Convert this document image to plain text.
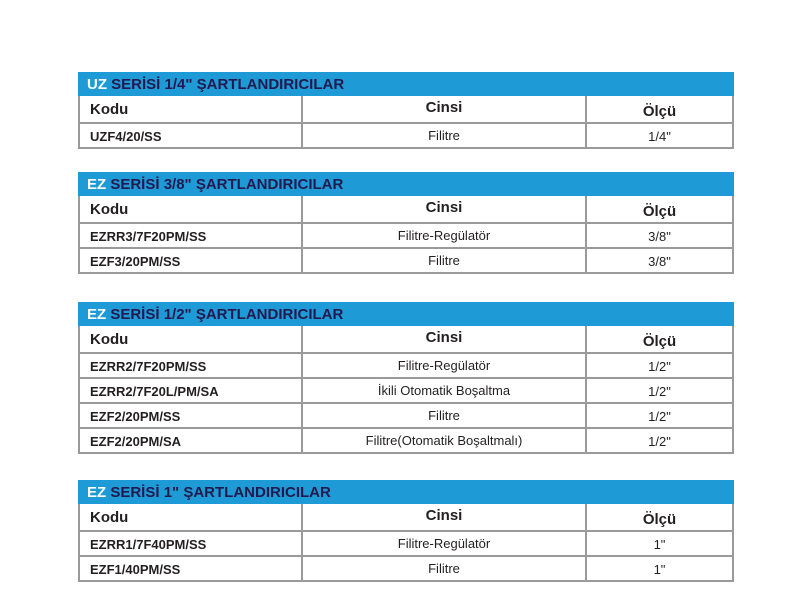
UZ SERİSİ 1/4" ŞARTLANDIRICILAR
Kodu	Cinsi	Ölçü
UZF4/20/SS	Filitre	1/4"
EZ SERİSİ 3/8" ŞARTLANDIRICILAR
Kodu	Cinsi	Ölçü
EZRR3/7F20PM/SS	Filitre-Regülatör	3/8"
EZF3/20PM/SS	Filitre	3/8"
EZ SERİSİ 1/2" ŞARTLANDIRICILAR
Kodu	Cinsi	Ölçü
EZRR2/7F20PM/SS	Filitre-Regülatör	1/2"
EZRR2/7F20L/PM/SA	İkili Otomatik Boşaltma	1/2"
EZF2/20PM/SS	Filitre	1/2"
EZF2/20PM/SA	Filitre(Otomatik Boşaltmalı)	1/2"
EZ SERİSİ 1" ŞARTLANDIRICILAR
Kodu	Cinsi	Ölçü
EZRR1/7F40PM/SS	Filitre-Regülatör	1"
EZF1/40PM/SS	Filitre	1"
